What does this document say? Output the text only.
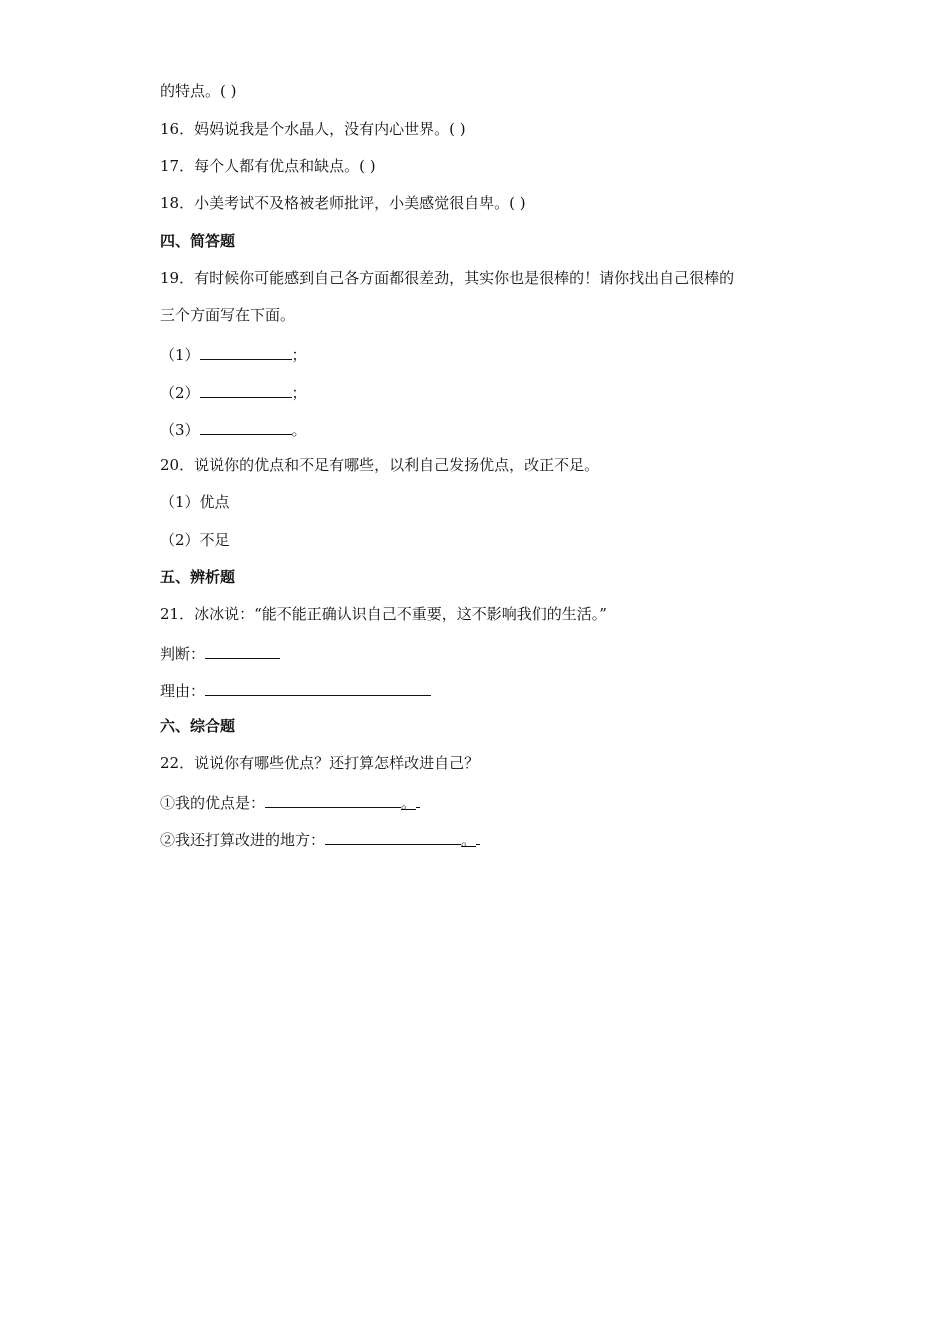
的特点。( )
16．妈妈说我是个水晶人，没有内心世界。( )
17．每个人都有优点和缺点。( )
18．小美考试不及格被老师批评，小美感觉很自卑。( )
四、简答题
19．有时候你可能感到自己各方面都很差劲，其实你也是很棒的！请你找出自己很棒的
三个方面写在下面。
（1）	；
（2）	；
（3）	。
20．说说你的优点和不足有哪些，以利自己发扬优点，改正不足。
（1）优点
（2）不足
五、辨析题
21．冰冰说：“能不能正确认识自己不重要，这不影响我们的生活。”
判断：
理由：
六、综合题
22．说说你有哪些优点？还打算怎样改进自己？
①我的优点是：	。
②我还打算改进的地方：	。
